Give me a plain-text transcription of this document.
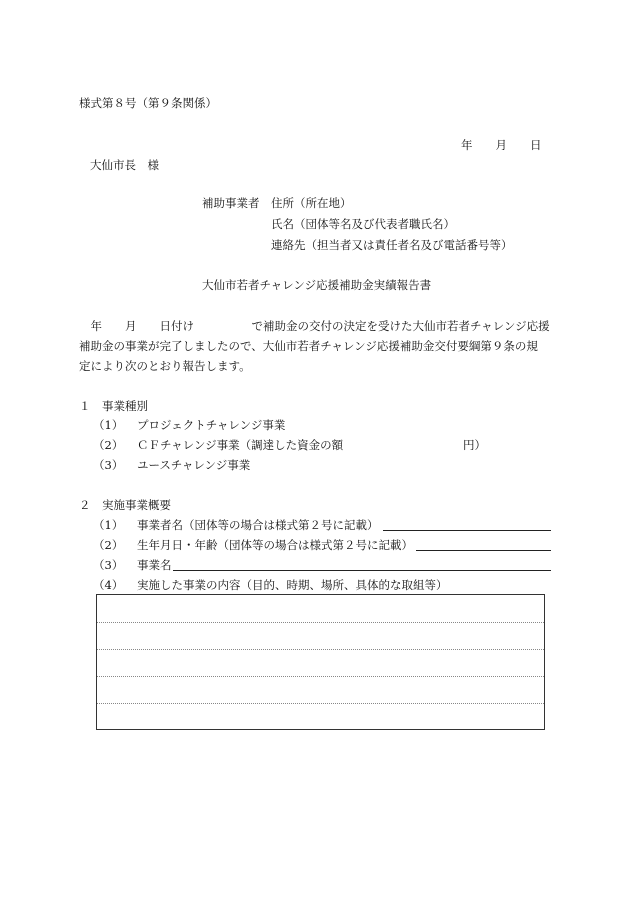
様式第８号（第９条関係）
年　　月　　日
大仙市長　様
補助事業者 住所（所在地）
氏名（団体等名及び代表者職氏名）
連絡先（担当者又は責任者名及び電話番号等）
大仙市若者チャレンジ応援補助金実績報告書
　年　　月　　日付け　　　　　で補助金の交付の決定を受けた大仙市若者チャレンジ応援
補助金の事業が完了しましたので、大仙市若者チャレンジ応援補助金交付要綱第９条の規
定により次のとおり報告します。
１　事業種別
（1） プロジェクトチャレンジ事業
（2） ＣＦチャレンジ事業（調達した資金の額	円）
（3） ユースチャレンジ事業
２　実施事業概要
（1） 事業者名（団体等の場合は様式第２号に記載）
（2） 生年月日・年齢（団体等の場合は様式第２号に記載）
（3） 事業名
（4） 実施した事業の内容（目的、時期、場所、具体的な取組等）
